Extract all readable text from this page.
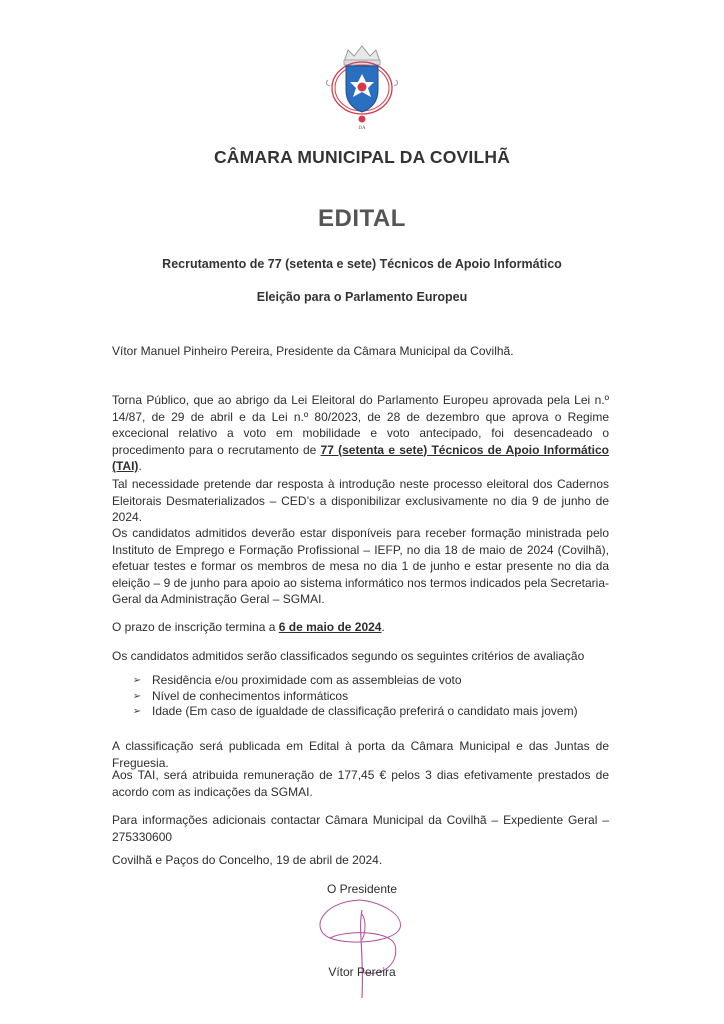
DA
CÂMARA MUNICIPAL DA COVILHÃ
EDITAL
Recrutamento de 77 (setenta e sete) Técnicos de Apoio Informático
Eleição para o Parlamento Europeu

Vítor Manuel Pinheiro Pereira, Presidente da Câmara Municipal da Covilhã.

Torna Público, que ao abrigo da Lei Eleitoral do Parlamento Europeu aprovada pela Lei n.º 14/87, de 29 de abril e da Lei n.º 80/2023, de 28 de dezembro que aprova o Regime excecional relativo a voto em mobilidade e voto antecipado, foi desencadeado o procedimento para o recrutamento de 77 (setenta e sete) Técnicos de Apoio Informático (TAI).

Tal necessidade pretende dar resposta à introdução neste processo eleitoral dos Cadernos Eleitorais Desmaterializados – CED’s a disponibilizar exclusivamente no dia 9 de junho de 2024.

Os candidatos admitidos deverão estar disponíveis para receber formação ministrada pelo Instituto de Emprego e Formação Profissional – IEFP, no dia 18 de maio de 2024 (Covilhã), efetuar testes e formar os membros de mesa no dia 1 de junho e estar presente no dia da eleição – 9 de junho para apoio ao sistema informático nos termos indicados pela Secretaria-Geral da Administração Geral – SGMAI.

O prazo de inscrição termina a 6 de maio de 2024.

Os candidatos admitidos serão classificados segundo os seguintes critérios de avaliação

➢ Residência e/ou proximidade com as assembleias de voto
➢ Nível de conhecimentos informáticos
➢ Idade (Em caso de igualdade de classificação preferirá o candidato mais jovem)

A classificação será publicada em Edital à porta da Câmara Municipal e das Juntas de Freguesia.

Aos TAI, será atribuida remuneração de 177,45 € pelos 3 dias efetivamente prestados de acordo com as indicações da SGMAI.

Para informações adicionais contactar Câmara Municipal da Covilhã – Expediente Geral – 275330600

Covilhã e Paços do Concelho, 19 de abril de 2024.

O Presidente
Vítor Pereira
